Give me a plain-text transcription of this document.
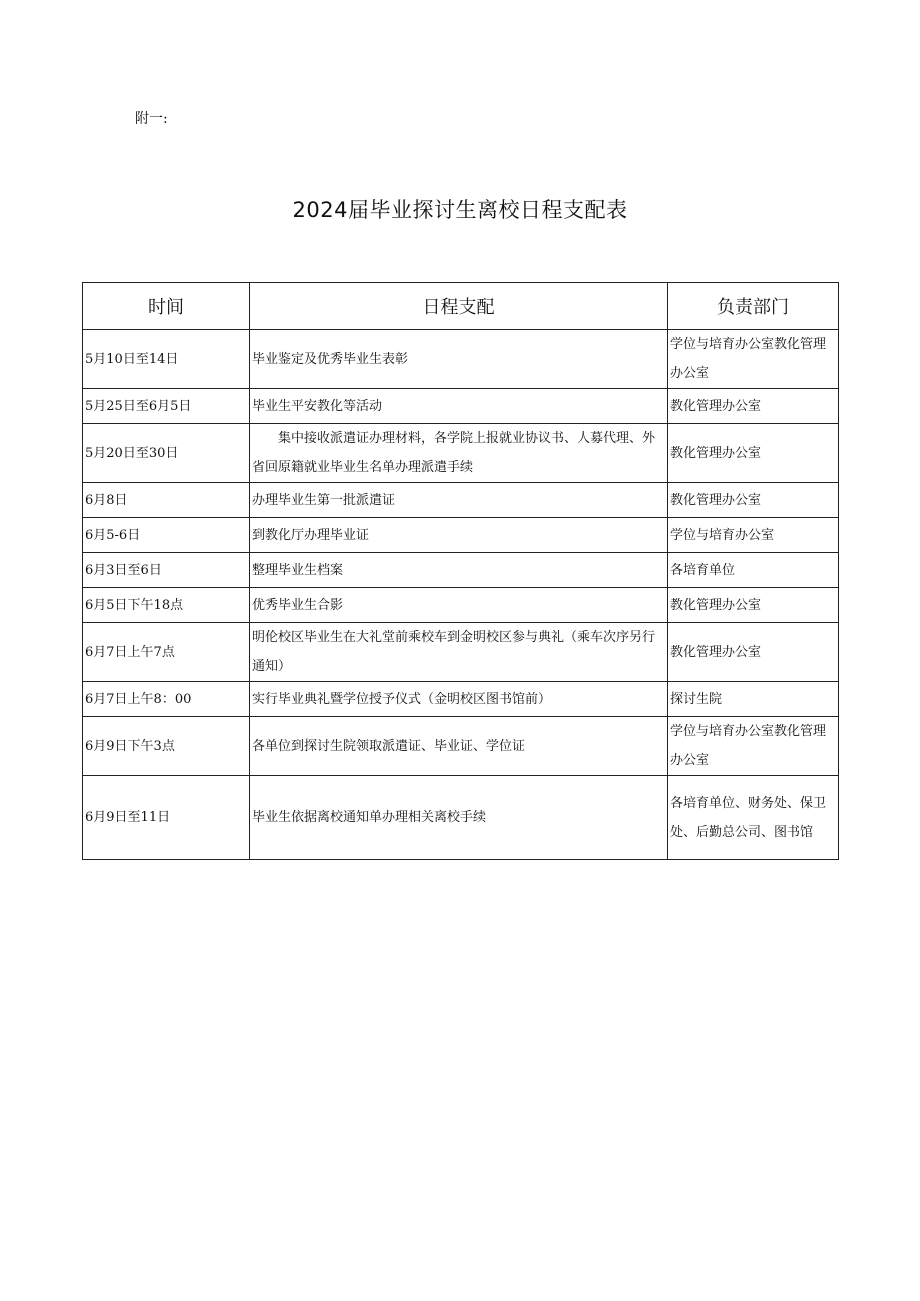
附一:
2024届毕业探讨生离校日程支配表
时间	日程支配	负责部门
5月10日至14日	毕业鉴定及优秀毕业生表彰	学位与培育办公室教化管理办公室
5月25日至6月5日	毕业生平安教化等活动	教化管理办公室
5月20日至30日	集中接收派遣证办理材料，各学院上报就业协议书、人募代理、外省回原籍就业毕业生名单办理派遣手续	教化管理办公室
6月8日	办理毕业生第一批派遣证	教化管理办公室
6月5-6日	到教化厅办理毕业证	学位与培育办公室
6月3日至6日	整理毕业生档案	各培育单位
6月5日下午18点	优秀毕业生合影	教化管理办公室
6月7日上午7点	明伦校区毕业生在大礼堂前乘校车到金明校区参与典礼（乘车次序另行通知）	教化管理办公室
6月7日上午8：00	实行毕业典礼暨学位授予仪式（金明校区图书馆前）	探讨生院
6月9日下午3点	各单位到探讨生院领取派遣证、毕业证、学位证	学位与培育办公室教化管理办公室
6月9日至11日	毕业生依据离校通知单办理相关离校手续	各培育单位、财务处、保卫处、后勤总公司、图书馆
